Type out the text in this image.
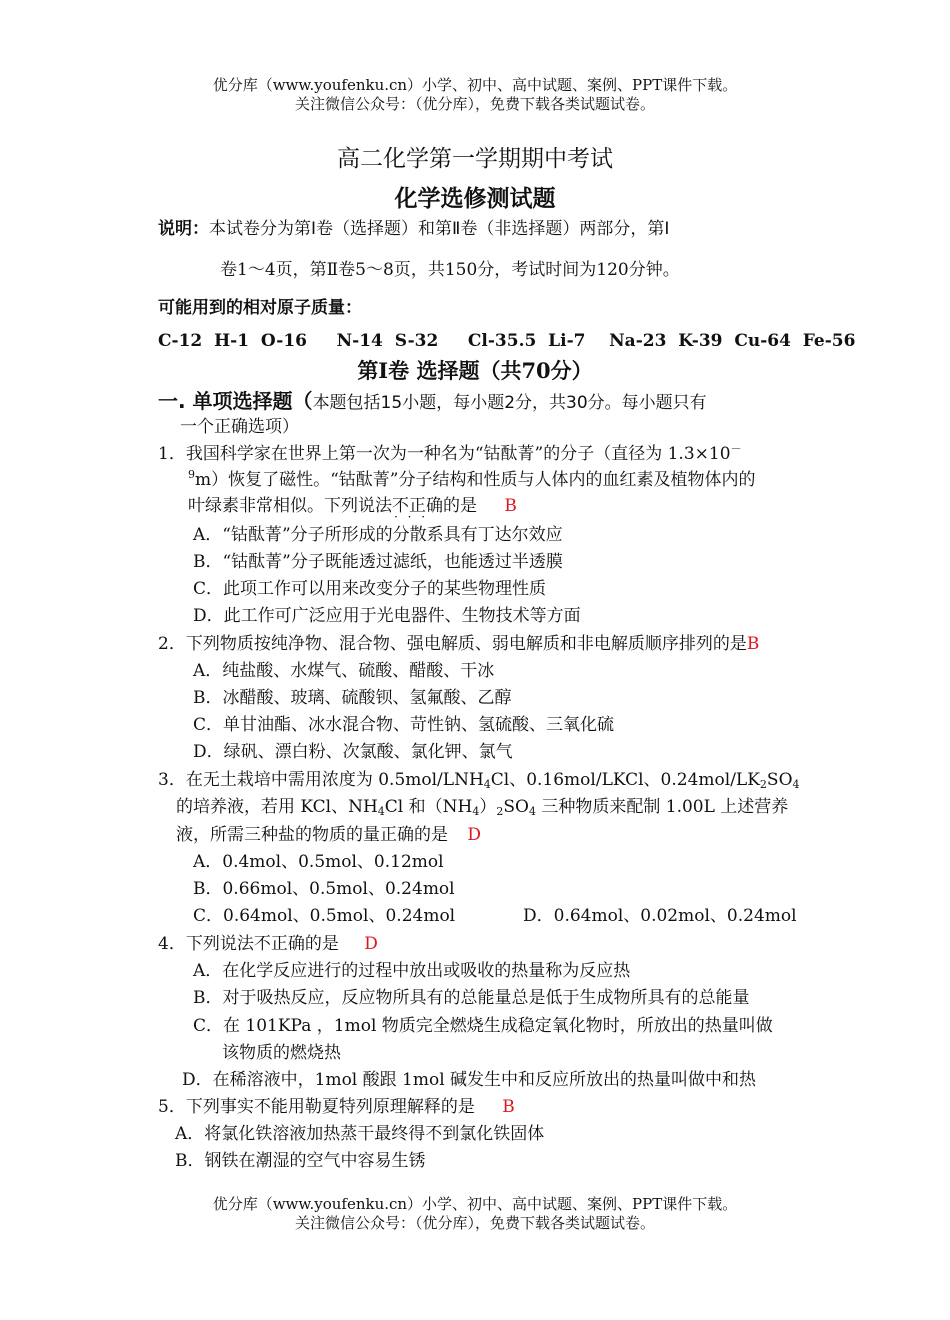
优分库（www.youfenku.cn）小学、初中、高中试题、案例、PPT课件下载。
关注微信公众号：（优分库），免费下载各类试题试卷。
高二化学第一学期期中考试
化学选修测试题
说明：本试卷分为第Ⅰ卷（选择题）和第Ⅱ卷（非选择题）两部分，第Ⅰ
卷1～4页，第Ⅱ卷5～8页，共150分，考试时间为120分钟。
可能用到的相对原子质量：
C-12  H-1  O-16     N-14  S-32     Cl-35.5  Li-7    Na-23  K-39  Cu-64  Fe-56
第Ⅰ卷 选择题（共70分）
一. 单项选择题（本题包括15小题，每小题2分，共30分。每小题只有
一个正确选项）
1．我国科学家在世界上第一次为一种名为“钴酞菁”的分子（直径为 1.3×10－
$^9$m）恢复了磁性。“钴酞菁”分子结构和性质与人体内的血红素及植物体内的
叶绿素非常相似。下列说法不正确 · · ·的是 B
A．“钴酞菁”分子所形成的分散系具有丁达尔效应
B．“钴酞菁”分子既能透过滤纸，也能透过半透膜
C．此项工作可以用来改变分子的某些物理性质
D．此工作可广泛应用于光电器件、生物技术等方面
2．下列物质按纯净物、混合物、强电解质、弱电解质和非电解质顺序排列的是B
A．纯盐酸、水煤气、硫酸、醋酸、干冰
B．冰醋酸、玻璃、硫酸钡、氢氟酸、乙醇
C．单甘油酯、冰水混合物、苛性钠、氢硫酸、三氧化硫
D．绿矾、漂白粉、次氯酸、氯化钾、氯气
3．在无土栽培中需用浓度为 $0.5mol/LNH_4Cl$、0.16mol/LKCl、$0.24mol/LK_2SO_4$
的培养液，若用 KCl、$NH_4Cl$ 和$(NH_4)_2SO_4$ 三种物质来配制 1.00L 上述营养
液，所需三种盐的物质的量正确的是 D
A．0.4mol、0.5mol、0.12mol
B．0.66mol、0.5mol、0.24mol
C．0.64mol、0.5mol、0.24mol	D．0.64mol、0.02mol、0.24mol
4．下列说法不正确的是 D
A．在化学反应进行的过程中放出或吸收的热量称为反应热
B．对于吸热反应，反应物所具有的总能量总是低于生成物所具有的总能量
C．在 101KPa ，1mol 物质完全燃烧生成稳定氧化物时，所放出的热量叫做
该物质的燃烧热
D．在稀溶液中，1mol 酸跟 1mol 碱发生中和反应所放出的热量叫做中和热
5．下列事实不能用勒夏特列原理解释的是 B
A．将氯化铁溶液加热蒸干最终得不到氯化铁固体
B．钢铁在潮湿的空气中容易生锈
优分库（www.youfenku.cn）小学、初中、高中试题、案例、PPT课件下载。
关注微信公众号：（优分库），免费下载各类试题试卷。
